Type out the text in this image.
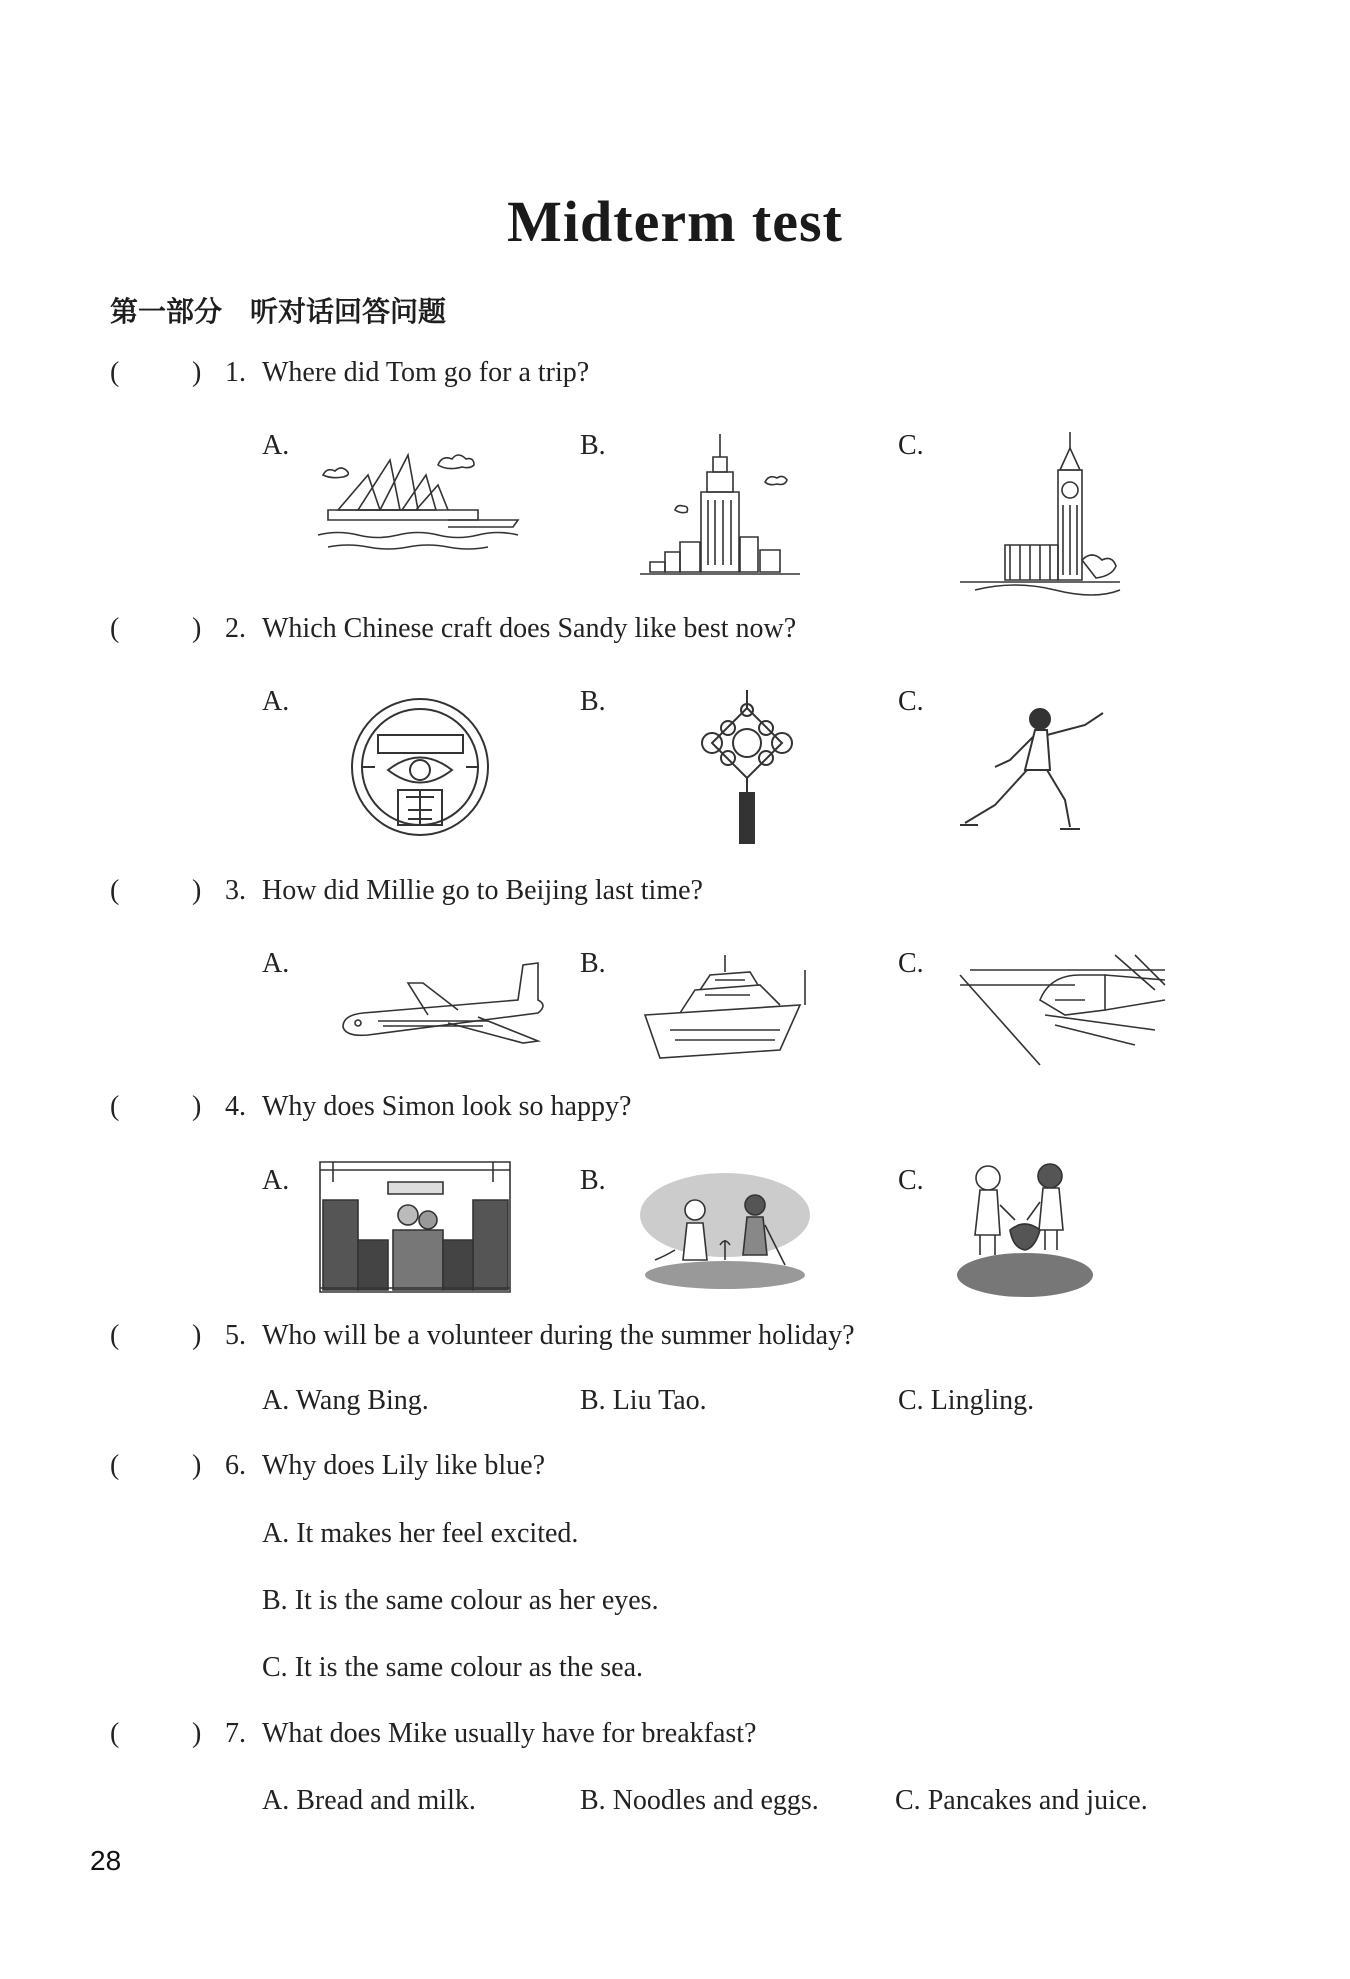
Midterm test
第一部分　听对话回答问题
(	) 1. Where did Tom go for a trip?
A.	B.	C.
(	) 2. Which Chinese craft does Sandy like best now?
A.	B.	C.
(	) 3. How did Millie go to Beijing last time?
A.	B.	C.
(	) 4. Why does Simon look so happy?
A.	B.	C.
(	) 5. Who will be a volunteer during the summer holiday?
A. Wang Bing.	B. Liu Tao.	C. Lingling.
(	) 6. Why does Lily like blue?
A. It makes her feel excited.
B. It is the same colour as her eyes.
C. It is the same colour as the sea.
(	) 7. What does Mike usually have for breakfast?
A. Bread and milk.	B. Noodles and eggs.	C. Pancakes and juice.
28
